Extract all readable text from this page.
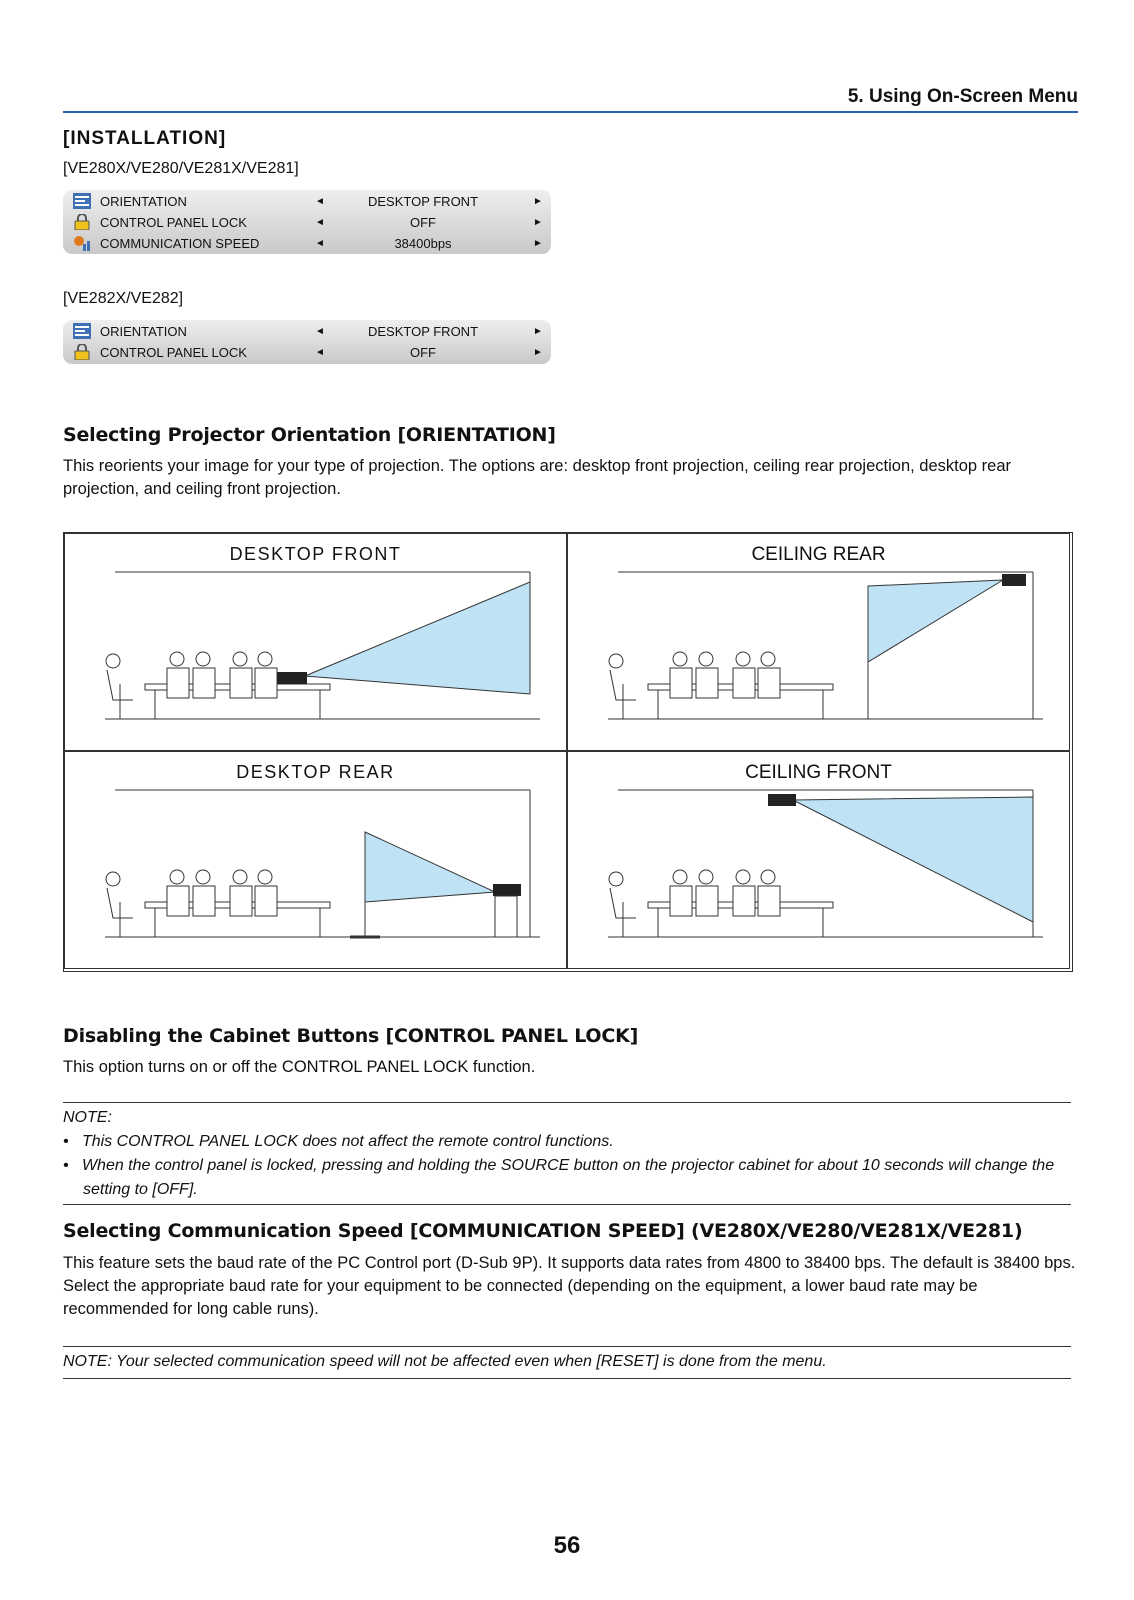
5. Using On-Screen Menu
[INSTALLATION]
[VE280X/VE280/VE281X/VE281]
ORIENTATION	◄	DESKTOP FRONT	►
CONTROL PANEL LOCK	◄	OFF	►
COMMUNICATION SPEED	◄	38400bps	►
[VE282X/VE282]
ORIENTATION	◄	DESKTOP FRONT	►
CONTROL PANEL LOCK	◄	OFF	►
Selecting Projector Orientation [ORIENTATION]
This reorients your image for your type of projection. The options are: desktop front projection, ceiling rear projection, desktop rear projection, and ceiling front projection.
DESKTOP FRONT	CEILING REAR
DESKTOP REAR	CEILING FRONT
Disabling the Cabinet Buttons [CONTROL PANEL LOCK]
This option turns on or off the CONTROL PANEL LOCK function.
NOTE:
•   This CONTROL PANEL LOCK does not affect the remote control functions.
•   When the control panel is locked, pressing and holding the SOURCE button on the projector cabinet for about 10 seconds will change the setting to [OFF].
Selecting Communication Speed [COMMUNICATION SPEED] (VE280X/VE280/VE281X/VE281)
This feature sets the baud rate of the PC Control port (D-Sub 9P). It supports data rates from 4800 to 38400 bps. The default is 38400 bps. Select the appropriate baud rate for your equipment to be connected (depending on the equipment, a lower baud rate may be recommended for long cable runs).
NOTE: Your selected communication speed will not be affected even when [RESET] is done from the menu.
56
